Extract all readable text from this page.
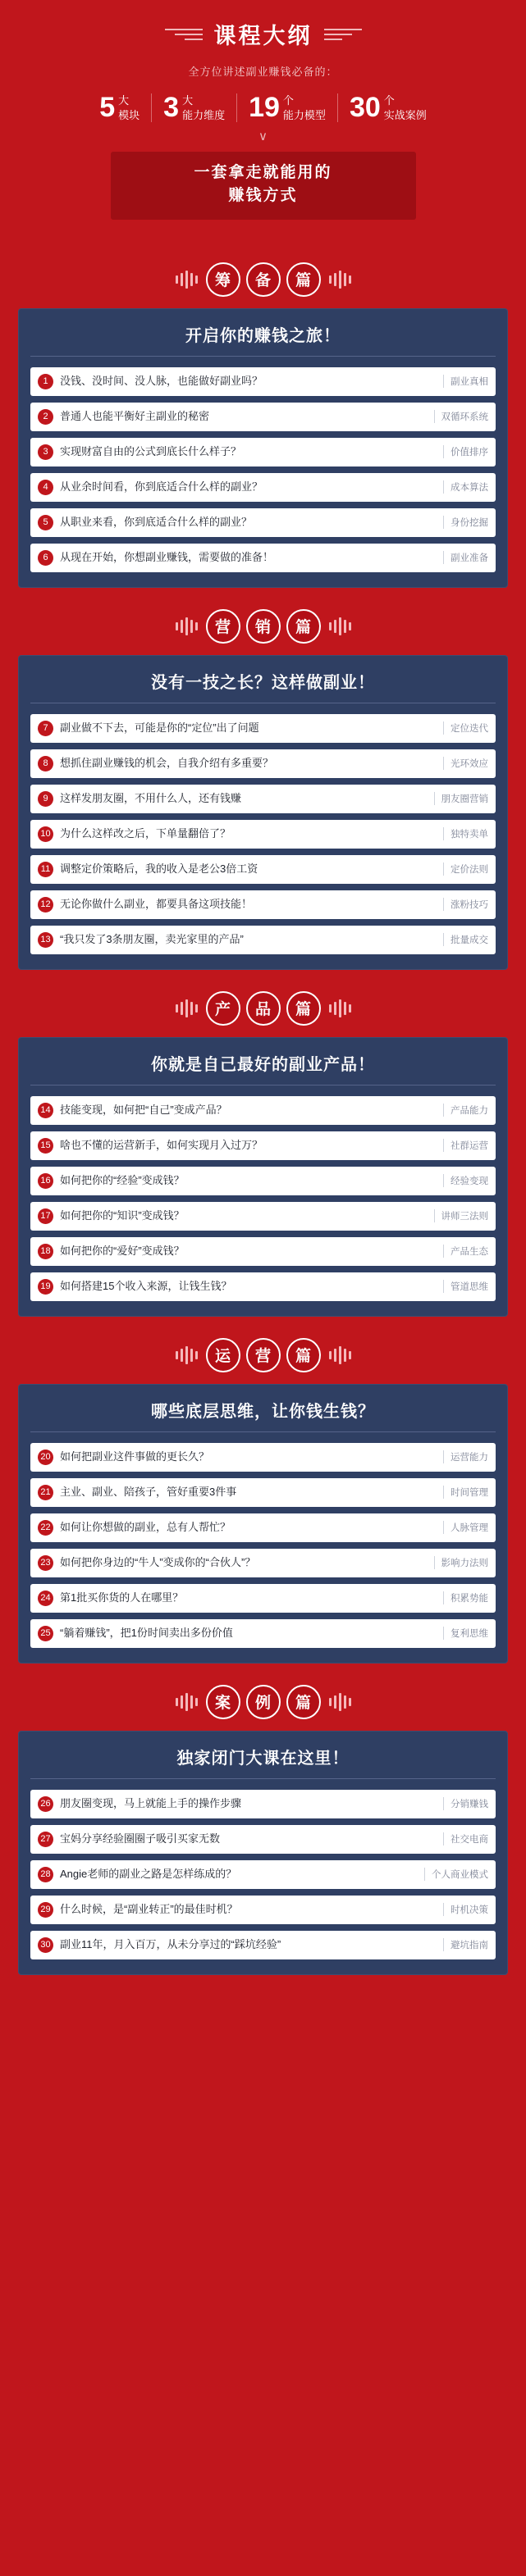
课程大纲
全方位讲述副业赚钱必备的：
5 大
模块 3 大
能力维度 19 个
能力模型 30 个
实战案例
∨
一套拿走就能用的
赚钱方式
筹	备	篇
开启你的赚钱之旅！
1	没钱、没时间、没人脉，也能做好副业吗？	副业真相
2	普通人也能平衡好主副业的秘密	双循环系统
3	实现财富自由的公式到底长什么样子？	价值排序
4	从业余时间看，你到底适合什么样的副业？	成本算法
5	从职业来看，你到底适合什么样的副业？	身份挖掘
6	从现在开始，你想副业赚钱，需要做的准备！	副业准备
营	销	篇
没有一技之长？这样做副业！
7	副业做不下去，可能是你的“定位”出了问题	定位迭代
8	想抓住副业赚钱的机会，自我介绍有多重要？	光环效应
9	这样发朋友圈，不用什么人，还有钱赚	朋友圈营销
10 为什么这样改之后，下单量翻倍了？	独特卖单
11 调整定价策略后，我的收入是老公3倍工资	定价法则
12 无论你做什么副业，都要具备这项技能！	涨粉技巧
13 “我只发了3条朋友圈，卖光家里的产品”	批量成交
产	品	篇
你就是自己最好的副业产品！
14 技能变现，如何把“自己”变成产品？	产品能力
15 啥也不懂的运营新手，如何实现月入过万？	社群运营
16 如何把你的“经验”变成钱？	经验变现
17 如何把你的“知识”变成钱？	讲师三法则
18 如何把你的“爱好”变成钱？	产品生态
19 如何搭建15个收入来源，让钱生钱？	管道思维
运	营	篇
哪些底层思维，让你钱生钱？
20 如何把副业这件事做的更长久？	运营能力
21 主业、副业、陪孩子，管好重要3件事	时间管理
22 如何让你想做的副业，总有人帮忙？	人脉管理
23 如何把你身边的“牛人”变成你的“合伙人”？	影响力法则
24 第1批买你货的人在哪里？	积累势能
25 “躺着赚钱”，把1份时间卖出多份价值	复利思维
案	例	篇
独家闭门大课在这里！
26 朋友圈变现，马上就能上手的操作步骤	分销赚钱
27 宝妈分享经验圈圈子吸引买家无数	社交电商
28 Angie老师的副业之路是怎样练成的？	个人商业模式
29 什么时候，是“副业转正”的最佳时机？	时机决策
30 副业11年，月入百万，从未分享过的“踩坑经验”	避坑指南
